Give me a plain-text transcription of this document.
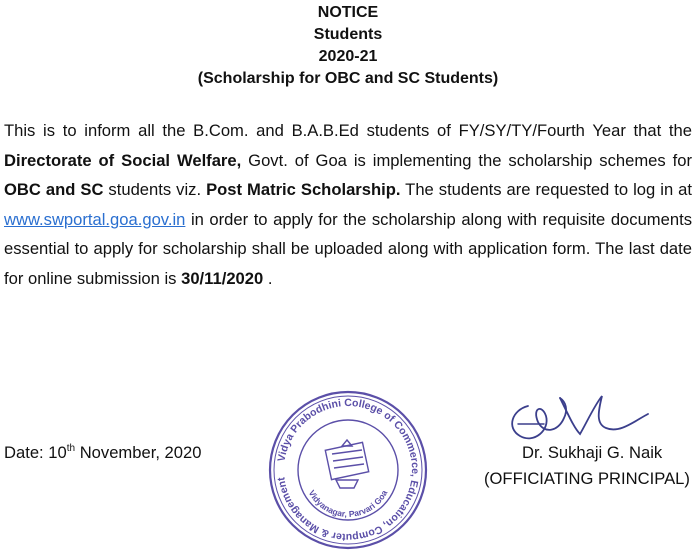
NOTICE
Students
2020-21
(Scholarship for OBC and SC Students)
This is to inform all the B.Com. and B.A.B.Ed students of FY/SY/TY/Fourth Year that the Directorate of Social Welfare, Govt. of Goa is implementing the scholarship schemes for OBC and SC students viz. Post Matric Scholarship. The students are requested to log in at www.swportal.goa.gov.in in order to apply for the scholarship along with requisite documents essential to apply for scholarship shall be uploaded along with application form. The last date for online submission is 30/11/2020 .
Date: 10th November, 2020	Vidya Prabodhini College of Commerce, Education, Computer & Management
Vidyanagar, Parvari Goa
Dr. Sukhaji G. Naik
(OFFICIATING PRINCIPAL)
